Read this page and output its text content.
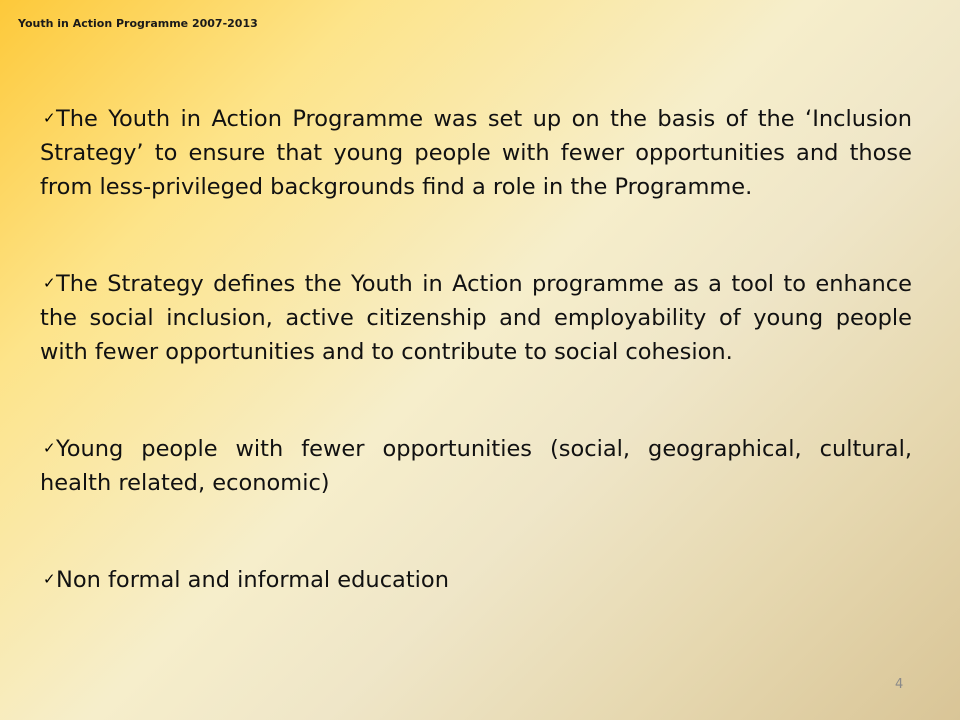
Youth in Action Programme 2007-2013

✓The Youth in Action Programme was set up on the basis of the ‘Inclusion Strategy’ to ensure that young people with fewer opportunities and those from less-privileged backgrounds find a role in the Programme.

✓The Strategy defines the Youth in Action programme as a tool to enhance the social inclusion, active citizenship and employability of young people with fewer opportunities and to contribute to social cohesion.

✓Young people with fewer opportunities (social, geographical, cultural, health related, economic)

✓Non formal and informal education

4
